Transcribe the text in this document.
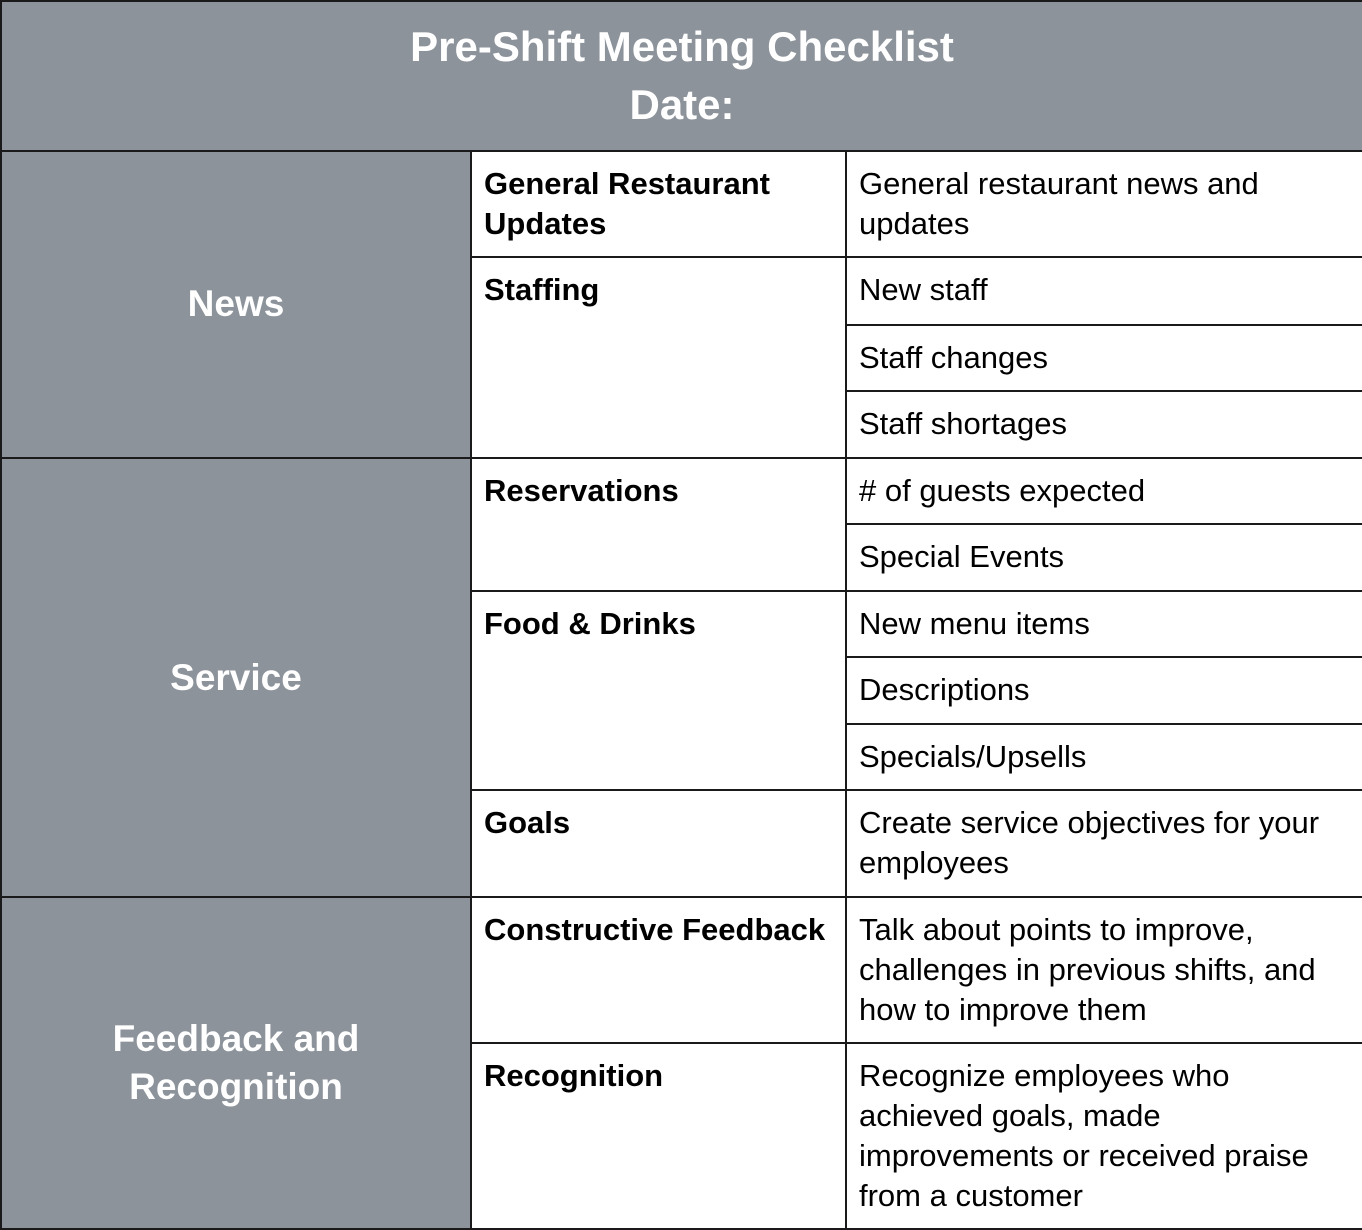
Pre-Shift Meeting Checklist
Date:		

News	General Restaurant Updates	General restaurant news and updates
	Staffing	New staff
		Staff changes
		Staff shortages
Service	Reservations	# of guests expected
		Special Events
	Food & Drinks	New menu items
		Descriptions
		Specials/Upsells
	Goals	Create service objectives for your employees
Feedback and Recognition	Constructive Feedback	Talk about points to improve, challenges in previous shifts, and how to improve them
	Recognition	Recognize employees who achieved goals, made improvements or received praise from a customer
